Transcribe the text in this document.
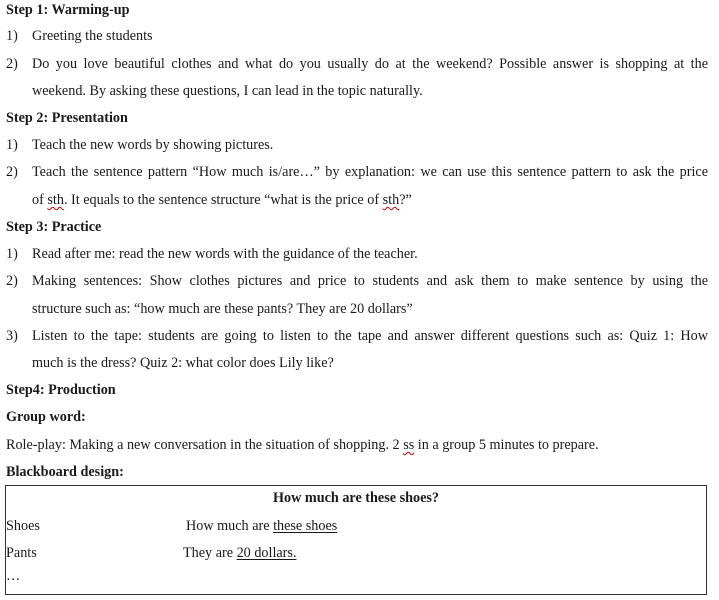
Step 1: Warming-up
1) Greeting the students
2) Do you love beautiful clothes and what do you usually do at the weekend? Possible answer is shopping at the
weekend. By asking these questions, I can lead in the topic naturally.
Step 2: Presentation
1) Teach the new words by showing pictures.
2) Teach the sentence pattern “How much is/are…” by explanation: we can use this sentence pattern to ask the price
of sth. It equals to the sentence structure “what is the price of sth?”
Step 3: Practice
1) Read after me: read the new words with the guidance of the teacher.
2) Making sentences: Show clothes pictures and price to students and ask them to make sentence by using the
structure such as: “how much are these pants? They are 20 dollars”
3) Listen to the tape: students are going to listen to the tape and answer different questions such as: Quiz 1: How
much is the dress? Quiz 2: what color does Lily like?
Step4: Production
Group word:
Role-play: Making a new conversation in the situation of shopping. 2 ss in a group 5 minutes to prepare.
Blackboard design:
How much are these shoes?
Shoes	How much are these shoes
Pants	They are 20 dollars.
…
